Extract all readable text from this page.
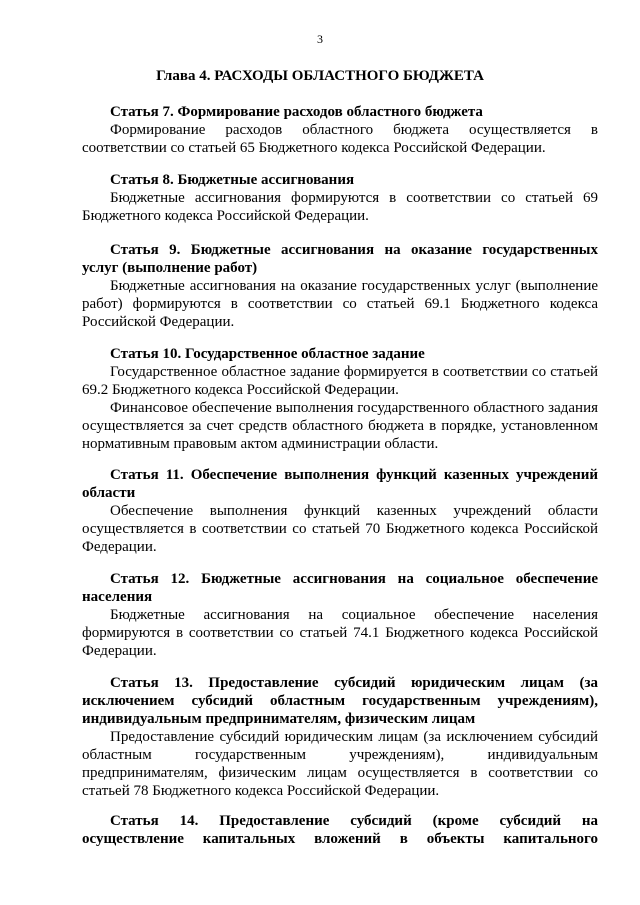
3
Глава 4. РАСХОДЫ ОБЛАСТНОГО БЮДЖЕТА

Статья 7. Формирование расходов областного бюджета

Формирование расходов областного бюджета осуществляется в соответствии со статьей 65 Бюджетного кодекса Российской Федерации.

Статья 8. Бюджетные ассигнования

Бюджетные ассигнования формируются в соответствии со статьей 69 Бюджетного кодекса Российской Федерации.

Статья 9. Бюджетные ассигнования на оказание государственных услуг (выполнение работ)

Бюджетные ассигнования на оказание государственных услуг (выполнение работ) формируются в соответствии со статьей 69.1 Бюджетного кодекса Российской Федерации.

Статья 10. Государственное областное задание

Государственное областное задание формируется в соответствии со статьей 69.2 Бюджетного кодекса Российской Федерации.

Финансовое обеспечение выполнения государственного областного задания осуществляется за счет средств областного бюджета в порядке, установленном нормативным правовым актом администрации области.

Статья 11. Обеспечение выполнения функций казенных учреждений области

Обеспечение выполнения функций казенных учреждений области осуществляется в соответствии со статьей 70 Бюджетного кодекса Российской Федерации.

Статья 12. Бюджетные ассигнования на социальное обеспечение населения

Бюджетные ассигнования на социальное обеспечение населения формируются в соответствии со статьей 74.1 Бюджетного кодекса Российской Федерации.

Статья 13. Предоставление субсидий юридическим лицам (за исключением субсидий областным государственным учреждениям), индивидуальным предпринимателям, физическим лицам

Предоставление субсидий юридическим лицам (за исключением субсидий областным государственным учреждениям), индивидуальным предпринимателям, физическим лицам осуществляется в соответствии со статьей 78 Бюджетного кодекса Российской Федерации.

Статья 14. Предоставление субсидий (кроме субсидий на осуществление капитальных вложений в объекты капитального
